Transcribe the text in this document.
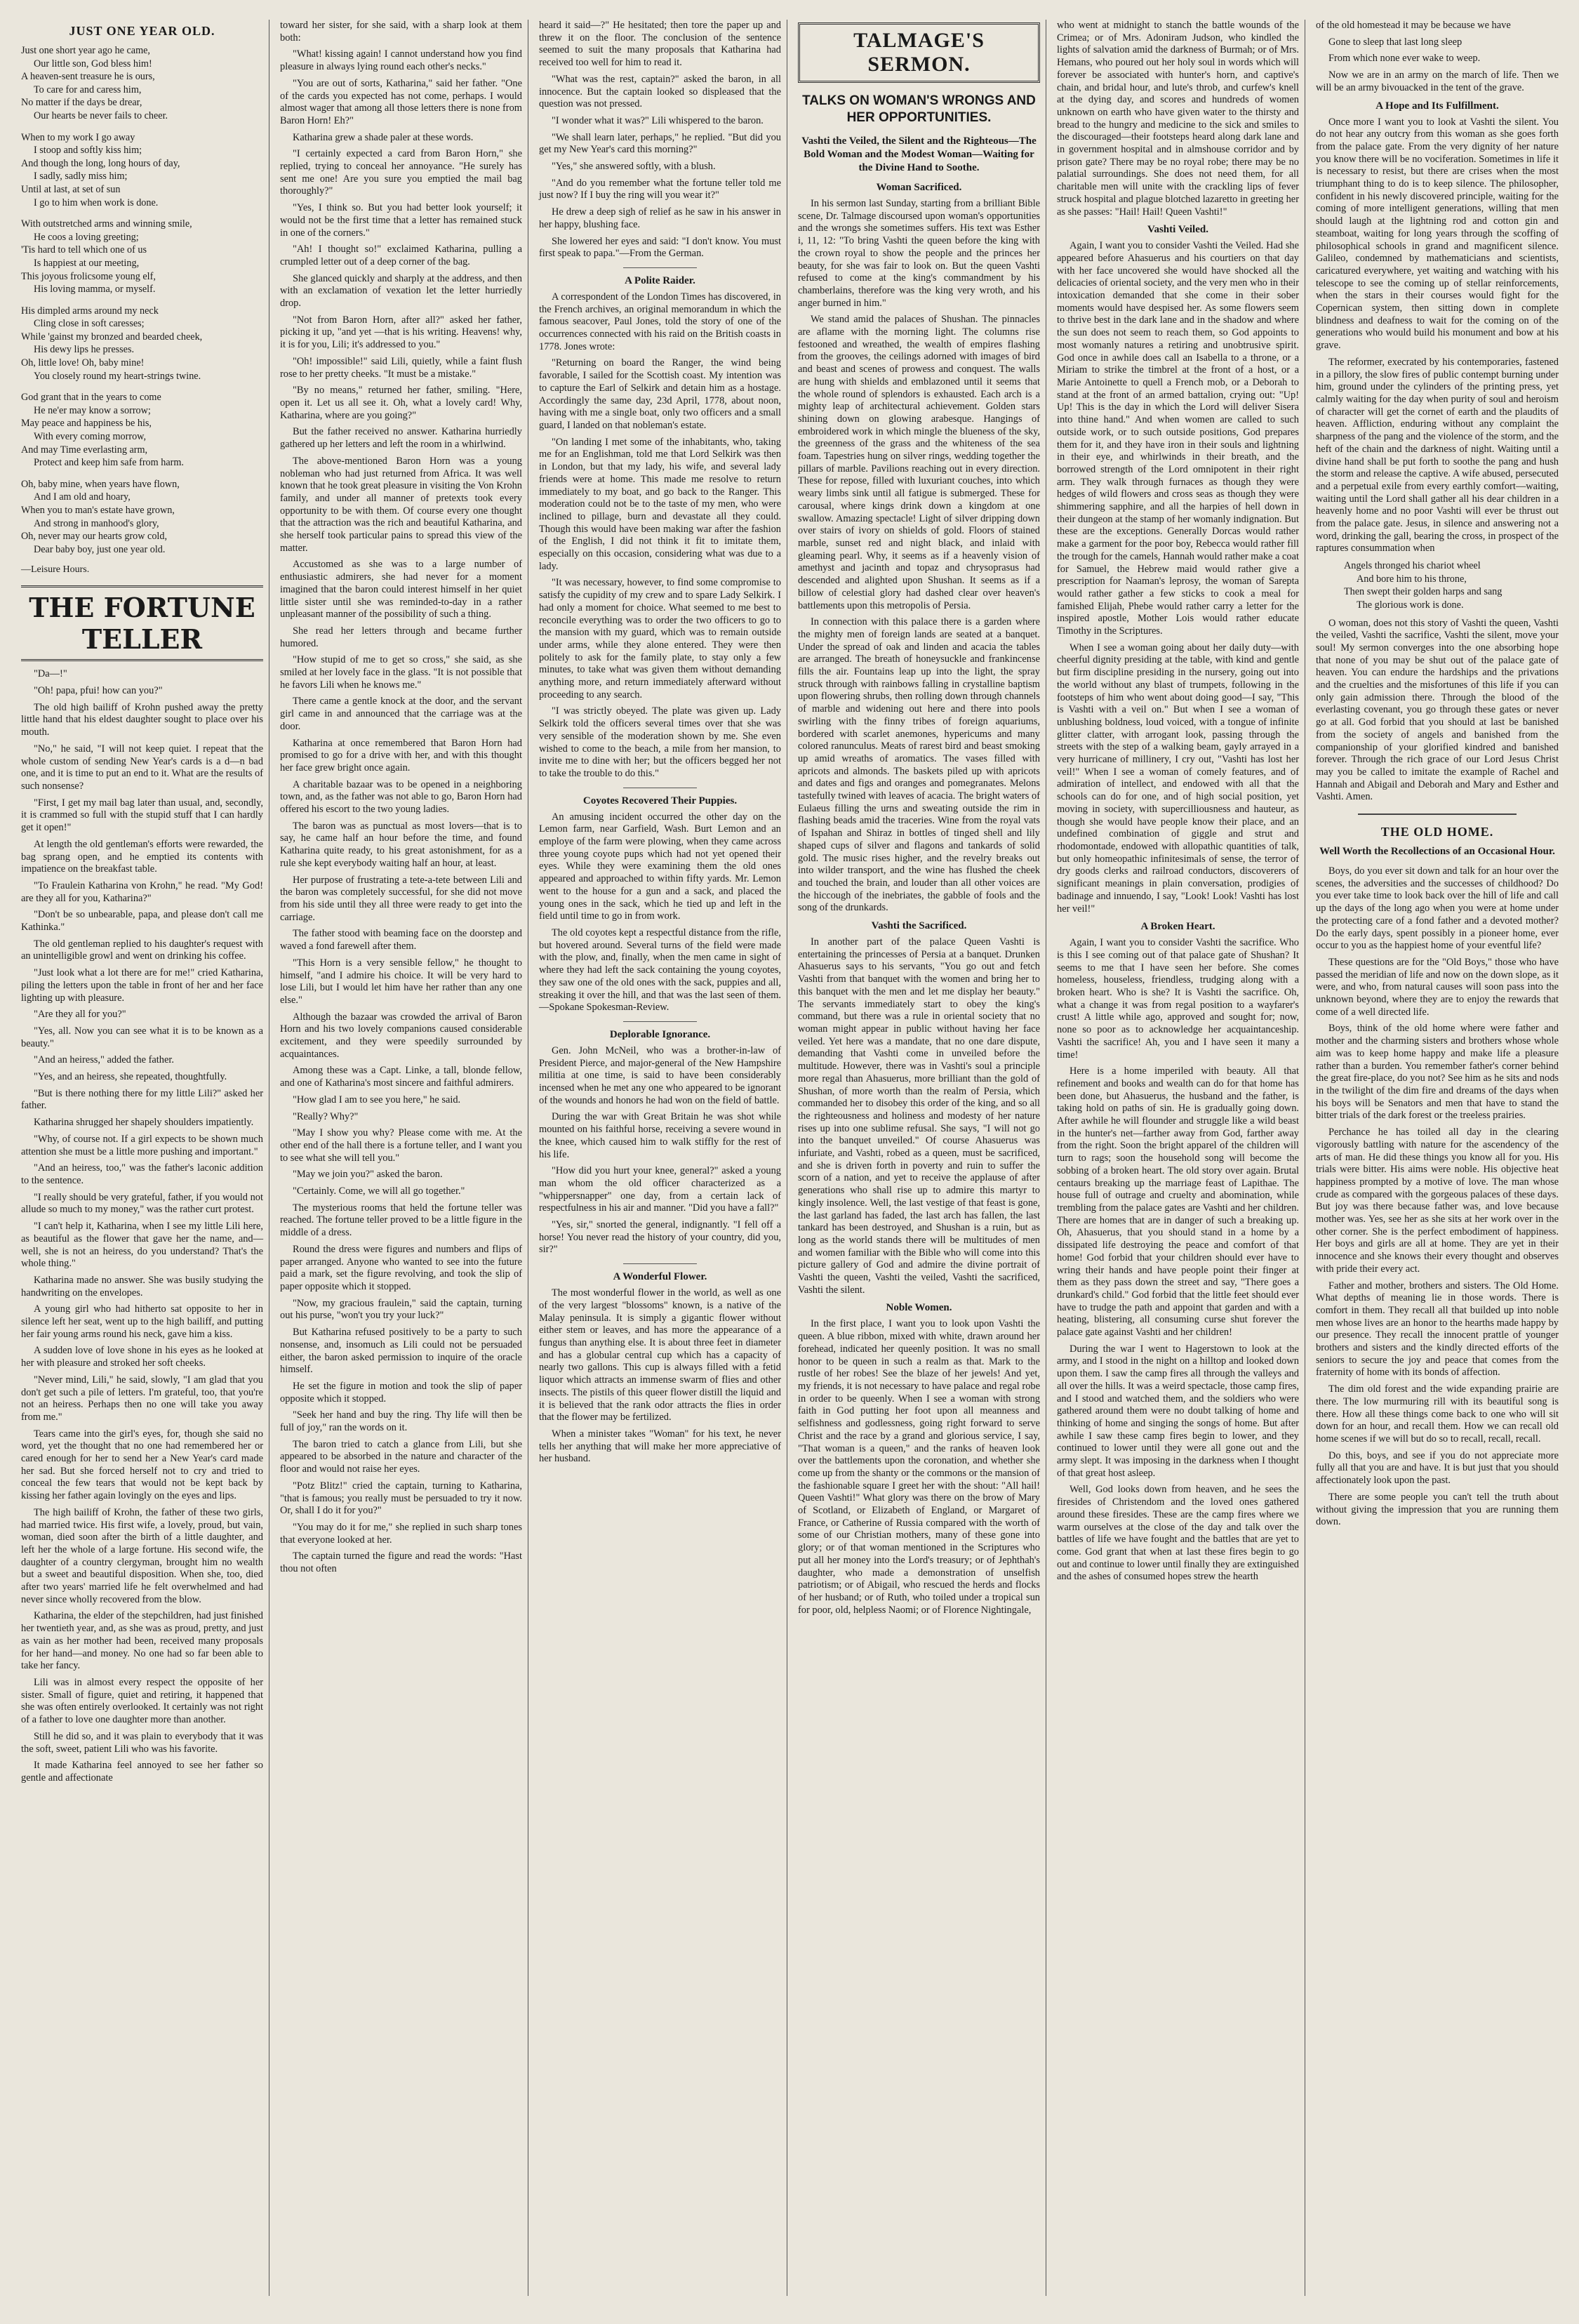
JUST ONE YEAR OLD.
Just one short year ago he came,
Our little son, God bless him!
A heaven-sent treasure he is ours,
To care for and caress him,
No matter if the days be drear,
Our hearts be never fails to cheer.
When to my work I go away
I stoop and softly kiss him;
And though the long, long hours of day,
I sadly, sadly miss him;
Until at last, at set of sun
I go to him when work is done.
With outstretched arms and winning smile,
He coos a loving greeting;
'Tis hard to tell which one of us
Is happiest at our meeting,
This joyous frolicsome young elf,
His loving mamma, or myself.
His dimpled arms around my neck
Cling close in soft caresses;
While 'gainst my bronzed and bearded cheek,
His dewy lips he presses.
Oh, little love! Oh, baby mine!
You closely round my heart-strings twine.
God grant that in the years to come
He ne'er may know a sorrow;
May peace and happiness be his,
With every coming morrow,
And may Time everlasting arm,
Protect and keep him safe from harm.
Oh, baby mine, when years have flown,
And I am old and hoary,
When you to man's estate have grown,
And strong in manhood's glory,
Oh, never may our hearts grow cold,
Dear baby boy, just one year old.
—Leisure Hours.
THE FORTUNE TELLER

"Da—!"

"Oh! papa, pfui! how can you?"

The old high bailiff of Krohn pushed away the pretty little hand that his eldest daughter sought to place over his mouth.

"No," he said, "I will not keep quiet. I repeat that the whole custom of sending New Year's cards is a d—n bad one, and it is time to put an end to it. What are the results of such nonsense?

"First, I get my mail bag later than usual, and, secondly, it is crammed so full with the stupid stuff that I can hardly get it open!"

At length the old gentleman's efforts were rewarded, the bag sprang open, and he emptied its contents with impatience on the breakfast table.

"To Fraulein Katharina von Krohn," he read. "My God! are they all for you, Katharina?"

"Don't be so unbearable, papa, and please don't call me Kathinka."

The old gentleman replied to his daughter's request with an unintelligible growl and went on drinking his coffee.

"Just look what a lot there are for me!" cried Katharina, piling the letters upon the table in front of her and her face lighting up with pleasure.

"Are they all for you?"

"Yes, all. Now you can see what it is to be known as a beauty."

"And an heiress," added the father.

"Yes, and an heiress, she repeated, thoughtfully.

"But is there nothing there for my little Lili?" asked her father.

Katharina shrugged her shapely shoulders impatiently.

"Why, of course not. If a girl expects to be shown much attention she must be a little more pushing and important."

"And an heiress, too," was the father's laconic addition to the sentence.

"I really should be very grateful, father, if you would not allude so much to my money," was the rather curt protest.

"I can't help it, Katharina, when I see my little Lili here, as beautiful as the flower that gave her the name, and—well, she is not an heiress, do you understand? That's the whole thing."

Katharina made no answer. She was busily studying the handwriting on the envelopes.

A young girl who had hitherto sat opposite to her in silence left her seat, went up to the high bailiff, and putting her fair young arms round his neck, gave him a kiss.

A sudden love of love shone in his eyes as he looked at her with pleasure and stroked her soft cheeks.

"Never mind, Lili," he said, slowly, "I am glad that you don't get such a pile of letters. I'm grateful, too, that you're not an heiress. Perhaps then no one will take you away from me."

Tears came into the girl's eyes, for, though she said no word, yet the thought that no one had remembered her or cared enough for her to send her a New Year's card made her sad. But she forced herself not to cry and tried to conceal the few tears that would not be kept back by kissing her father again lovingly on the eyes and lips.

The high bailiff of Krohn, the father of these two girls, had married twice. His first wife, a lovely, proud, but vain, woman, died soon after the birth of a little daughter, and left her the whole of a large fortune. His second wife, the daughter of a country clergyman, brought him no wealth but a sweet and beautiful disposition. When she, too, died after two years' married life he felt overwhelmed and had never since wholly recovered from the blow.

Katharina, the elder of the stepchildren, had just finished her twentieth year, and, as she was as proud, pretty, and just as vain as her mother had been, received many proposals for her hand—and money. No one had so far been able to take her fancy.

Lili was in almost every respect the opposite of her sister. Small of figure, quiet and retiring, it happened that she was often entirely overlooked. It certainly was not right of a father to love one daughter more than another.

Still he did so, and it was plain to everybody that it was the soft, sweet, patient Lili who was his favorite.

It made Katharina feel annoyed to see her father so gentle and affectionate

toward her sister, for she said, with a sharp look at them both:

"What! kissing again! I cannot understand how you find pleasure in always lying round each other's necks."

"You are out of sorts, Katharina," said her father. "One of the cards you expected has not come, perhaps. I would almost wager that among all those letters there is none from Baron Horn! Eh?"

Katharina grew a shade paler at these words.

"I certainly expected a card from Baron Horn," she replied, trying to conceal her annoyance. "He surely has sent me one! Are you sure you emptied the mail bag thoroughly?"

"Yes, I think so. But you had better look yourself; it would not be the first time that a letter has remained stuck in one of the corners."

"Ah! I thought so!" exclaimed Katharina, pulling a crumpled letter out of a deep corner of the bag.

She glanced quickly and sharply at the address, and then with an exclamation of vexation let the letter hurriedly drop.

"Not from Baron Horn, after all?" asked her father, picking it up, "and yet —that is his writing. Heavens! why, it is for you, Lili; it's addressed to you."

"Oh! impossible!" said Lili, quietly, while a faint flush rose to her pretty cheeks. "It must be a mistake."

"By no means," returned her father, smiling. "Here, open it. Let us all see it. Oh, what a lovely card! Why, Katharina, where are you going?"

But the father received no answer. Katharina hurriedly gathered up her letters and left the room in a whirlwind.

The above-mentioned Baron Horn was a young nobleman who had just returned from Africa. It was well known that he took great pleasure in visiting the Von Krohn family, and under all manner of pretexts took every opportunity to be with them. Of course every one thought that the attraction was the rich and beautiful Katharina, and she herself took particular pains to spread this view of the matter.

Accustomed as she was to a large number of enthusiastic admirers, she had never for a moment imagined that the baron could interest himself in her quiet little sister until she was reminded-to-day in a rather unpleasant manner of the possibility of such a thing.

She read her letters through and became further humored.

"How stupid of me to get so cross," she said, as she smiled at her lovely face in the glass. "It is not possible that he favors Lili when he knows me."

There came a gentle knock at the door, and the servant girl came in and announced that the carriage was at the door.

Katharina at once remembered that Baron Horn had promised to go for a drive with her, and with this thought her face grew bright once again.

A charitable bazaar was to be opened in a neighboring town, and, as the father was not able to go, Baron Horn had offered his escort to the two young ladies.

The baron was as punctual as most lovers—that is to say, he came half an hour before the time, and found Katharina quite ready, to his great astonishment, for as a rule she kept everybody waiting half an hour, at least.

Her purpose of frustrating a tete-a-tete between Lili and the baron was completely successful, for she did not move from his side until they all three were ready to get into the carriage.

The father stood with beaming face on the doorstep and waved a fond farewell after them.

"This Horn is a very sensible fellow," he thought to himself, "and I admire his choice. It will be very hard to lose Lili, but I would let him have her rather than any one else."

Although the bazaar was crowded the arrival of Baron Horn and his two lovely companions caused considerable excitement, and they were speedily surrounded by acquaintances.

Among these was a Capt. Linke, a tall, blonde fellow, and one of Katharina's most sincere and faithful admirers.

"How glad I am to see you here," he said.

"Really? Why?"

"May I show you why? Please come with me. At the other end of the hall there is a fortune teller, and I want you to see what she will tell you."

"May we join you?" asked the baron.

"Certainly. Come, we will all go together."

The mysterious rooms that held the fortune teller was reached. The fortune teller proved to be a little figure in the middle of a dress.

Round the dress were figures and numbers and flips of paper arranged. Anyone who wanted to see into the future paid a mark, set the figure revolving, and took the slip of paper opposite which it stopped.

"Now, my gracious fraulein," said the captain, turning out his purse, "won't you try your luck?"

But Katharina refused positively to be a party to such nonsense, and, insomuch as Lili could not be persuaded either, the baron asked permission to inquire of the oracle himself.

He set the figure in motion and took the slip of paper opposite which it stopped.

"Seek her hand and buy the ring. Thy life will then be full of joy," ran the words on it.

The baron tried to catch a glance from Lili, but she appeared to be absorbed in the nature and character of the floor and would not raise her eyes.

"Potz Blitz!" cried the captain, turning to Katharina, "that is famous; you really must be persuaded to try it now. Or, shall I do it for you?"

"You may do it for me," she replied in such sharp tones that everyone looked at her.

The captain turned the figure and read the words: "Hast thou not often

heard it said—?" He hesitated; then tore the paper up and threw it on the floor. The conclusion of the sentence seemed to suit the many proposals that Katharina had received too well for him to read it.

"What was the rest, captain?" asked the baron, in all innocence. But the captain looked so displeased that the question was not pressed.

"I wonder what it was?" Lili whispered to the baron.

"We shall learn later, perhaps," he replied. "But did you get my New Year's card this morning?"

"Yes," she answered softly, with a blush.

"And do you remember what the fortune teller told me just now? If I buy the ring will you wear it?"

He drew a deep sigh of relief as he saw in his answer in her happy, blushing face.

She lowered her eyes and said: "I don't know. You must first speak to papa."—From the German.

A Polite Raider.

A correspondent of the London Times has discovered, in the French archives, an original memorandum in which the famous seacover, Paul Jones, told the story of one of the occurrences connected with his raid on the British coasts in 1778. Jones wrote:

"Returning on board the Ranger, the wind being favorable, I sailed for the Scottish coast. My intention was to capture the Earl of Selkirk and detain him as a hostage. Accordingly the same day, 23d April, 1778, about noon, having with me a single boat, only two officers and a small guard, I landed on that nobleman's estate.

"On landing I met some of the inhabitants, who, taking me for an Englishman, told me that Lord Selkirk was then in London, but that my lady, his wife, and several lady friends were at home. This made me resolve to return immediately to my boat, and go back to the Ranger. This moderation could not be to the taste of my men, who were inclined to pillage, burn and devastate all they could. Though this would have been making war after the fashion of the English, I did not think it fit to imitate them, especially on this occasion, considering what was due to a lady.

"It was necessary, however, to find some compromise to satisfy the cupidity of my crew and to spare Lady Selkirk. I had only a moment for choice. What seemed to me best to reconcile everything was to order the two officers to go to the mansion with my guard, which was to remain outside under arms, while they alone entered. They were then politely to ask for the family plate, to stay only a few minutes, to take what was given them without demanding anything more, and return immediately afterward without proceeding to any search.

"I was strictly obeyed. The plate was given up. Lady Selkirk told the officers several times over that she was very sensible of the moderation shown by me. She even wished to come to the beach, a mile from her mansion, to invite me to dine with her; but the officers begged her not to take the trouble to do this."

Coyotes Recovered Their Puppies.

An amusing incident occurred the other day on the Lemon farm, near Garfield, Wash. Burt Lemon and an employe of the farm were plowing, when they came across three young coyote pups which had not yet opened their eyes. While they were examining them the old ones appeared and approached to within fifty yards. Mr. Lemon went to the house for a gun and a sack, and placed the young ones in the sack, which he tied up and left in the field until time to go in from work.

The old coyotes kept a respectful distance from the rifle, but hovered around. Several turns of the field were made with the plow, and, finally, when the men came in sight of where they had left the sack containing the young coyotes, they saw one of the old ones with the sack, puppies and all, streaking it over the hill, and that was the last seen of them.—Spokane Spokesman-Review.

Deplorable Ignorance.

Gen. John McNeil, who was a brother-in-law of President Pierce, and major-general of the New Hampshire militia at one time, is said to have been considerably incensed when he met any one who appeared to be ignorant of the wounds and honors he had won on the field of battle.

During the war with Great Britain he was shot while mounted on his faithful horse, receiving a severe wound in the knee, which caused him to walk stiffly for the rest of his life.

"How did you hurt your knee, general?" asked a young man whom the old officer characterized as a "whippersnapper" one day, from a certain lack of respectfulness in his air and manner. "Did you have a fall?"

"Yes, sir," snorted the general, indignantly. "I fell off a horse! You never read the history of your country, did you, sir?"

A Wonderful Flower.

The most wonderful flower in the world, as well as one of the very largest "blossoms" known, is a native of the Malay peninsula. It is simply a gigantic flower without either stem or leaves, and has more the appearance of a fungus than anything else. It is about three feet in diameter and has a globular central cup which has a capacity of nearly two gallons. This cup is always filled with a fetid liquor which attracts an immense swarm of flies and other insects. The pistils of this queer flower distill the liquid and it is believed that the rank odor attracts the flies in order that the flower may be fertilized.

When a minister takes "Woman" for his text, he never tells her anything that will make her more appreciative of her husband.

TALMAGE'S SERMON.
TALKS ON WOMAN'S WRONGS AND HER OPPORTUNITIES.
Vashti the Veiled, the Silent and the Righteous—The Bold Woman and the Modest Woman—Waiting for the Divine Hand to Soothe.
Woman Sacrificed.

In his sermon last Sunday, starting from a brilliant Bible scene, Dr. Talmage discoursed upon woman's opportunities and the wrongs she sometimes suffers. His text was Esther i, 11, 12: "To bring Vashti the queen before the king with the crown royal to show the people and the princes her beauty, for she was fair to look on. But the queen Vashti refused to come at the king's commandment by his chamberlains, therefore was the king very wroth, and his anger burned in him."

We stand amid the palaces of Shushan. The pinnacles are aflame with the morning light. The columns rise festooned and wreathed, the wealth of empires flashing from the grooves, the ceilings adorned with images of bird and beast and scenes of prowess and conquest. The walls are hung with shields and emblazoned until it seems that the whole round of splendors is exhausted. Each arch is a mighty leap of architectural achievement. Golden stars shining down on glowing arabesque. Hangings of embroidered work in which mingle the blueness of the sky, the greenness of the grass and the whiteness of the sea foam. Tapestries hung on silver rings, wedding together the pillars of marble. Pavilions reaching out in every direction. These for repose, filled with luxuriant couches, into which weary limbs sink until all fatigue is submerged. These for carousal, where kings drink down a kingdom at one swallow. Amazing spectacle! Light of silver dripping down over stairs of ivory on shields of gold. Floors of stained marble, sunset red and night black, and inlaid with gleaming pearl. Why, it seems as if a heavenly vision of amethyst and jacinth and topaz and chrysoprasus had descended and alighted upon Shushan. It seems as if a billow of celestial glory had dashed clear over heaven's battlements upon this metropolis of Persia.

In connection with this palace there is a garden where the mighty men of foreign lands are seated at a banquet. Under the spread of oak and linden and acacia the tables are arranged. The breath of honeysuckle and frankincense fills the air. Fountains leap up into the light, the spray struck through with rainbows falling in crystalline baptism upon flowering shrubs, then rolling down through channels of marble and widening out here and there into pools swirling with the finny tribes of foreign aquariums, bordered with scarlet anemones, hypericums and many colored ranunculus. Meats of rarest bird and beast smoking up amid wreaths of aromatics. The vases filled with apricots and almonds. The baskets piled up with apricots and dates and figs and oranges and pomegranates. Melons tastefully twined with leaves of acacia. The bright waters of Eulaeus filling the urns and sweating outside the rim in flashing beads amid the traceries. Wine from the royal vats of Ispahan and Shiraz in bottles of tinged shell and lily shaped cups of silver and flagons and tankards of solid gold. The music rises higher, and the revelry breaks out into wilder transport, and the wine has flushed the cheek and touched the brain, and louder than all other voices are the hiccough of the inebriates, the gabble of fools and the song of the drunkards.

Vashti the Sacrificed.

In another part of the palace Queen Vashti is entertaining the princesses of Persia at a banquet. Drunken Ahasuerus says to his servants, "You go out and fetch Vashti from that banquet with the women and bring her to this banquet with the men and let me display her beauty." The servants immediately start to obey the king's command, but there was a rule in oriental society that no woman might appear in public without having her face veiled. Yet here was a mandate, that no one dare dispute, demanding that Vashti come in unveiled before the multitude. However, there was in Vashti's soul a principle more regal than Ahasuerus, more brilliant than the gold of Shushan, of more worth than the realm of Persia, which commanded her to disobey this order of the king, and so all the righteousness and holiness and modesty of her nature rises up into one sublime refusal. She says, "I will not go into the banquet unveiled." Of course Ahasuerus was infuriate, and Vashti, robed as a queen, must be sacrificed, and she is driven forth in poverty and ruin to suffer the scorn of a nation, and yet to receive the applause of after generations who shall rise up to admire this martyr to kingly insolence. Well, the last vestige of that feast is gone, the last garland has faded, the last arch has fallen, the last tankard has been destroyed, and Shushan is a ruin, but as long as the world stands there will be multitudes of men and women familiar with the Bible who will come into this picture gallery of God and admire the divine portrait of Vashti the queen, Vashti the veiled, Vashti the sacrificed, Vashti the silent.

Noble Women.

In the first place, I want you to look upon Vashti the queen. A blue ribbon, mixed with white, drawn around her forehead, indicated her queenly position. It was no small honor to be queen in such a realm as that. Mark to the rustle of her robes! See the blaze of her jewels! And yet, my friends, it is not necessary to have palace and regal robe in order to be queenly. When I see a woman with strong faith in God putting her foot upon all meanness and selfishness and godlessness, going right forward to serve Christ and the race by a grand and glorious service, I say, "That woman is a queen," and the ranks of heaven look over the battlements upon the coronation, and whether she come up from the shanty or the commons or the mansion of the fashionable square I greet her with the shout: "All hail! Queen Vashti!" What glory was there on the brow of Mary of Scotland, or Elizabeth of England, or Margaret of France, or Catherine of Russia compared with the worth of some of our Christian mothers, many of these gone into glory; or of that woman mentioned in the Scriptures who put all her money into the Lord's treasury; or of Jephthah's daughter, who made a demonstration of unselfish patriotism; or of Abigail, who rescued the herds and flocks of her husband; or of Ruth, who toiled under a tropical sun for poor, old, helpless Naomi; or of Florence Nightingale,

who went at midnight to stanch the battle wounds of the Crimea; or of Mrs. Adoniram Judson, who kindled the lights of salvation amid the darkness of Burmah; or of Mrs. Hemans, who poured out her holy soul in words which will forever be associated with hunter's horn, and captive's chain, and bridal hour, and lute's throb, and curfew's knell at the dying day, and scores and hundreds of women unknown on earth who have given water to the thirsty and bread to the hungry and medicine to the sick and smiles to the discouraged—their footsteps heard along dark lane and in government hospital and in almshouse corridor and by prison gate? There may be no royal robe; there may be no palatial surroundings. She does not need them, for all charitable men will unite with the crackling lips of fever struck hospital and plague blotched lazaretto in greeting her as she passes: "Hail! Hail! Queen Vashti!"

Vashti Veiled.

Again, I want you to consider Vashti the Veiled. Had she appeared before Ahasuerus and his courtiers on that day with her face uncovered she would have shocked all the delicacies of oriental society, and the very men who in their intoxication demanded that she come in their sober moments would have despised her. As some flowers seem to thrive best in the dark lane and in the shadow and where the sun does not seem to reach them, so God appoints to most womanly natures a retiring and unobtrusive spirit. God once in awhile does call an Isabella to a throne, or a Miriam to strike the timbrel at the front of a host, or a Marie Antoinette to quell a French mob, or a Deborah to stand at the front of an armed battalion, crying out: "Up! Up! This is the day in which the Lord will deliver Sisera into thine hand." And when women are called to such outside work, or to such outside positions, God prepares them for it, and they have iron in their souls and lightning in their eye, and whirlwinds in their breath, and the borrowed strength of the Lord omnipotent in their right arm. They walk through furnaces as though they were hedges of wild flowers and cross seas as though they were shimmering sapphire, and all the harpies of hell down in their dungeon at the stamp of her womanly indignation. But these are the exceptions. Generally Dorcas would rather make a garment for the poor boy, Rebecca would rather fill the trough for the camels, Hannah would rather make a coat for Samuel, the Hebrew maid would rather give a prescription for Naaman's leprosy, the woman of Sarepta would rather gather a few sticks to cook a meal for famished Elijah, Phebe would rather carry a letter for the inspired apostle, Mother Lois would rather educate Timothy in the Scriptures.

When I see a woman going about her daily duty—with cheerful dignity presiding at the table, with kind and gentle but firm discipline presiding in the nursery, going out into the world without any blast of trumpets, following in the footsteps of him who went about doing good—I say, "This is Vashti with a veil on." But when I see a woman of unblushing boldness, loud voiced, with a tongue of infinite glitter clatter, with arrogant look, passing through the streets with the step of a walking beam, gayly arrayed in a very hurricane of millinery, I cry out, "Vashti has lost her veil!" When I see a woman of comely features, and of admiration of intellect, and endowed with all that the schools can do for one, and of high social position, yet moving in society, with supercilliousness and hauteur, as though she would have people know their place, and an undefined combination of giggle and strut and rhodomontade, endowed with allopathic quantities of talk, but only homeopathic infinitesimals of sense, the terror of dry goods clerks and railroad conductors, discoverers of significant meanings in plain conversation, prodigies of badinage and innuendo, I say, "Look! Look! Vashti has lost her veil!"

A Broken Heart.

Again, I want you to consider Vashti the sacrifice. Who is this I see coming out of that palace gate of Shushan? It seems to me that I have seen her before. She comes homeless, houseless, friendless, trudging along with a broken heart. Who is she? It is Vashti the sacrifice. Oh, what a change it was from regal position to a wayfarer's crust! A little while ago, approved and sought for; now, none so poor as to acknowledge her acquaintanceship. Vashti the sacrifice! Ah, you and I have seen it many a time!

Here is a home imperiled with beauty. All that refinement and books and wealth can do for that home has been done, but Ahasuerus, the husband and the father, is taking hold on paths of sin. He is gradually going down. After awhile he will flounder and struggle like a wild beast in the hunter's net—farther away from God, farther away from the right. Soon the bright apparel of the children will turn to rags; soon the household song will become the sobbing of a broken heart. The old story over again. Brutal centaurs breaking up the marriage feast of Lapithae. The house full of outrage and cruelty and abomination, while trembling from the palace gates are Vashti and her children. There are homes that are in danger of such a breaking up. Oh, Ahasuerus, that you should stand in a home by a dissipated life destroying the peace and comfort of that home! God forbid that your children should ever have to wring their hands and have people point their finger at them as they pass down the street and say, "There goes a drunkard's child." God forbid that the little feet should ever have to trudge the path and appoint that garden and with a heating, blistering, all consuming curse shut forever the palace gate against Vashti and her children!

During the war I went to Hagerstown to look at the army, and I stood in the night on a hilltop and looked down upon them. I saw the camp fires all through the valleys and all over the hills. It was a weird spectacle, those camp fires, and I stood and watched them, and the soldiers who were gathered around them were no doubt talking of home and thinking of home and singing the songs of home. But after awhile I saw these camp fires begin to lower, and they continued to lower until they were all gone out and the army slept. It was imposing in the darkness when I thought of that great host asleep.

Well, God looks down from heaven, and he sees the firesides of Christendom and the loved ones gathered around these firesides. These are the camp fires where we warm ourselves at the close of the day and talk over the battles of life we have fought and the battles that are yet to come. God grant that when at last these fires begin to go out and continue to lower until finally they are extinguished and the ashes of consumed hopes strew the hearth

of the old homestead it may be because we have

Gone to sleep that last long sleep

From which none ever wake to weep.

Now we are in an army on the march of life. Then we will be an army bivouacked in the tent of the grave.

A Hope and Its Fulfillment.

Once more I want you to look at Vashti the silent. You do not hear any outcry from this woman as she goes forth from the palace gate. From the very dignity of her nature you know there will be no vociferation. Sometimes in life it is necessary to resist, but there are crises when the most triumphant thing to do is to keep silence. The philosopher, confident in his newly discovered principle, waiting for the coming of more intelligent generations, willing that men should laugh at the lightning rod and cotton gin and steamboat, waiting for long years through the scoffing of philosophical schools in grand and magnificent silence. Galileo, condemned by mathematicians and scientists, caricatured everywhere, yet waiting and watching with his telescope to see the coming up of stellar reinforcements, when the stars in their courses would fight for the Copernican system, then sitting down in complete blindness and deafness to wait for the coming on of the generations who would build his monument and bow at his grave.

The reformer, execrated by his contemporaries, fastened in a pillory, the slow fires of public contempt burning under him, ground under the cylinders of the printing press, yet calmly waiting for the day when purity of soul and heroism of character will get the cornet of earth and the plaudits of heaven. Affliction, enduring without any complaint the sharpness of the pang and the violence of the storm, and the heft of the chain and the darkness of night. Waiting until a divine hand shall be put forth to soothe the pang and hush the storm and release the captive. A wife abused, persecuted and a perpetual exile from every earthly comfort—waiting, waiting until the Lord shall gather all his dear children in a heavenly home and no poor Vashti will ever be thrust out from the palace gate. Jesus, in silence and answering not a word, drinking the gall, bearing the cross, in prospect of the raptures consummation when

Angels thronged his chariot wheel
And bore him to his throne,
Then swept their golden harps and sang
The glorious work is done.

O woman, does not this story of Vashti the queen, Vashti the veiled, Vashti the sacrifice, Vashti the silent, move your soul! My sermon converges into the one absorbing hope that none of you may be shut out of the palace gate of heaven. You can endure the hardships and the privations and the cruelties and the misfortunes of this life if you can only gain admission there. Through the blood of the everlasting covenant, you go through these gates or never go at all. God forbid that you should at last be banished from the society of angels and banished from the companionship of your glorified kindred and banished forever. Through the rich grace of our Lord Jesus Christ may you be called to imitate the example of Rachel and Hannah and Abigail and Deborah and Mary and Esther and Vashti. Amen.

THE OLD HOME.
Well Worth the Recollections of an Occasional Hour.

Boys, do you ever sit down and talk for an hour over the scenes, the adversities and the successes of childhood? Do you ever take time to look back over the hill of life and call up the days of the long ago when you were at home under the protecting care of a fond father and a devoted mother? Do the early days, spent possibly in a pioneer home, ever occur to you as the happiest home of your eventful life?

These questions are for the "Old Boys," those who have passed the meridian of life and now on the down slope, as it were, and who, from natural causes will soon pass into the unknown beyond, where they are to enjoy the rewards that come of a well directed life.

Boys, think of the old home where were father and mother and the charming sisters and brothers whose whole aim was to keep home happy and make life a pleasure rather than a burden. You remember father's corner behind the great fire-place, do you not? See him as he sits and nods in the twilight of the dim fire and dreams of the days when his boys will be Senators and men that have to stand the bitter trials of the dark forest or the treeless prairies.

Perchance he has toiled all day in the clearing vigorously battling with nature for the ascendency of the arts of man. He did these things you know all for you. His trials were bitter. His aims were noble. His objective heat happiness prompted by a motive of love. The man whose crude as compared with the gorgeous palaces of these days. But joy was there because father was, and love because mother was. Yes, see her as she sits at her work over in the other corner. She is the perfect embodiment of happiness. Her boys and girls are all at home. They are yet in their innocence and she knows their every thought and observes with pride their every act.

Father and mother, brothers and sisters. The Old Home. What depths of meaning lie in those words. There is comfort in them. They recall all that builded up into noble men whose lives are an honor to the hearths made happy by our presence. They recall the innocent prattle of younger brothers and sisters and the kindly directed efforts of the seniors to secure the joy and peace that comes from the fraternity of home with its bonds of affection.

The dim old forest and the wide expanding prairie are there. The low murmuring rill with its beautiful song is there. How all these things come back to one who will sit down for an hour, and recall them. How we can recall old home scenes if we will but do so to recall, recall, recall.

Do this, boys, and see if you do not appreciate more fully all that you are and have. It is but just that you should affectionately look upon the past.

There are some people you can't tell the truth about without giving the impression that you are running them down.
